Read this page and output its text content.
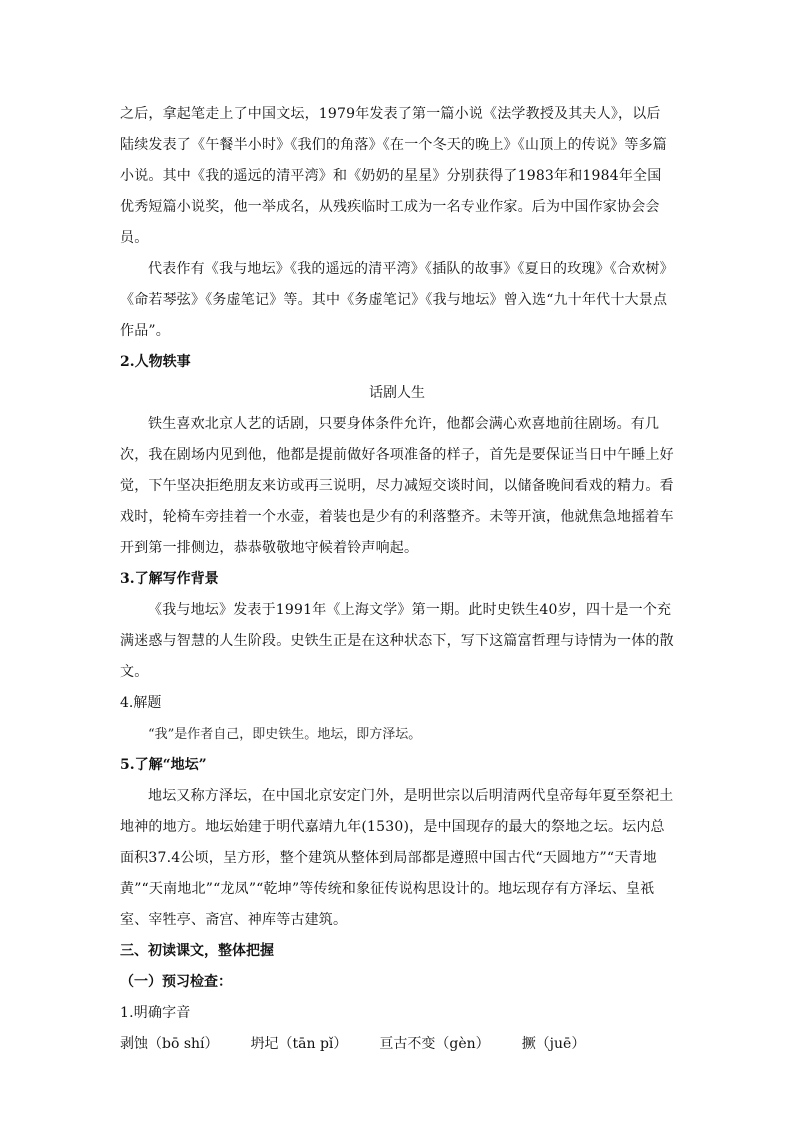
之后，拿起笔走上了中国文坛，1979年发表了第一篇小说《法学教授及其夫人》，以后陆续发表了《午餐半小时》《我们的角落》《在一个冬天的晚上》《山顶上的传说》等多篇小说。其中《我的遥远的清平湾》和《奶奶的星星》分别获得了1983年和1984年全国优秀短篇小说奖，他一举成名，从残疾临时工成为一名专业作家。后为中国作家协会会员。

代表作有《我与地坛》《我的遥远的清平湾》《插队的故事》《夏日的玫瑰》《合欢树》《命若琴弦》《务虚笔记》等。其中《务虚笔记》《我与地坛》曾入选“九十年代十大景点作品”。

2.人物轶事

话剧人生

铁生喜欢北京人艺的话剧，只要身体条件允许，他都会满心欢喜地前往剧场。有几次，我在剧场内见到他，他都是提前做好各项准备的样子，首先是要保证当日中午睡上好觉，下午坚决拒绝朋友来访或再三说明，尽力减短交谈时间，以储备晚间看戏的精力。看戏时，轮椅车旁挂着一个水壶，着装也是少有的利落整齐。未等开演，他就焦急地摇着车开到第一排侧边，恭恭敬敬地守候着铃声响起。

3.了解写作背景

《我与地坛》发表于1991年《上海文学》第一期。此时史铁生40岁，四十是一个充满迷惑与智慧的人生阶段。史铁生正是在这种状态下，写下这篇富哲理与诗情为一体的散文。

4.解题

“我”是作者自己，即史铁生。地坛，即方泽坛。

5.了解“地坛”

地坛又称方泽坛，在中国北京安定门外，是明世宗以后明清两代皇帝每年夏至祭祀土地神的地方。地坛始建于明代嘉靖九年(1530)，是中国现存的最大的祭地之坛。坛内总面积37.4公顷，呈方形，整个建筑从整体到局部都是遵照中国古代“天圆地方”“天青地黄”“天南地北”“龙凤”“乾坤”等传统和象征传说构思设计的。地坛现存有方泽坛、皇祇室、宰牲亭、斋宫、神库等古建筑。

三、初读课文，整体把握

（一）预习检查：

1.明确字音

剥蚀（bō shí） 坍圮（tān pǐ） 亘古不变（gèn） 撅（juē）
